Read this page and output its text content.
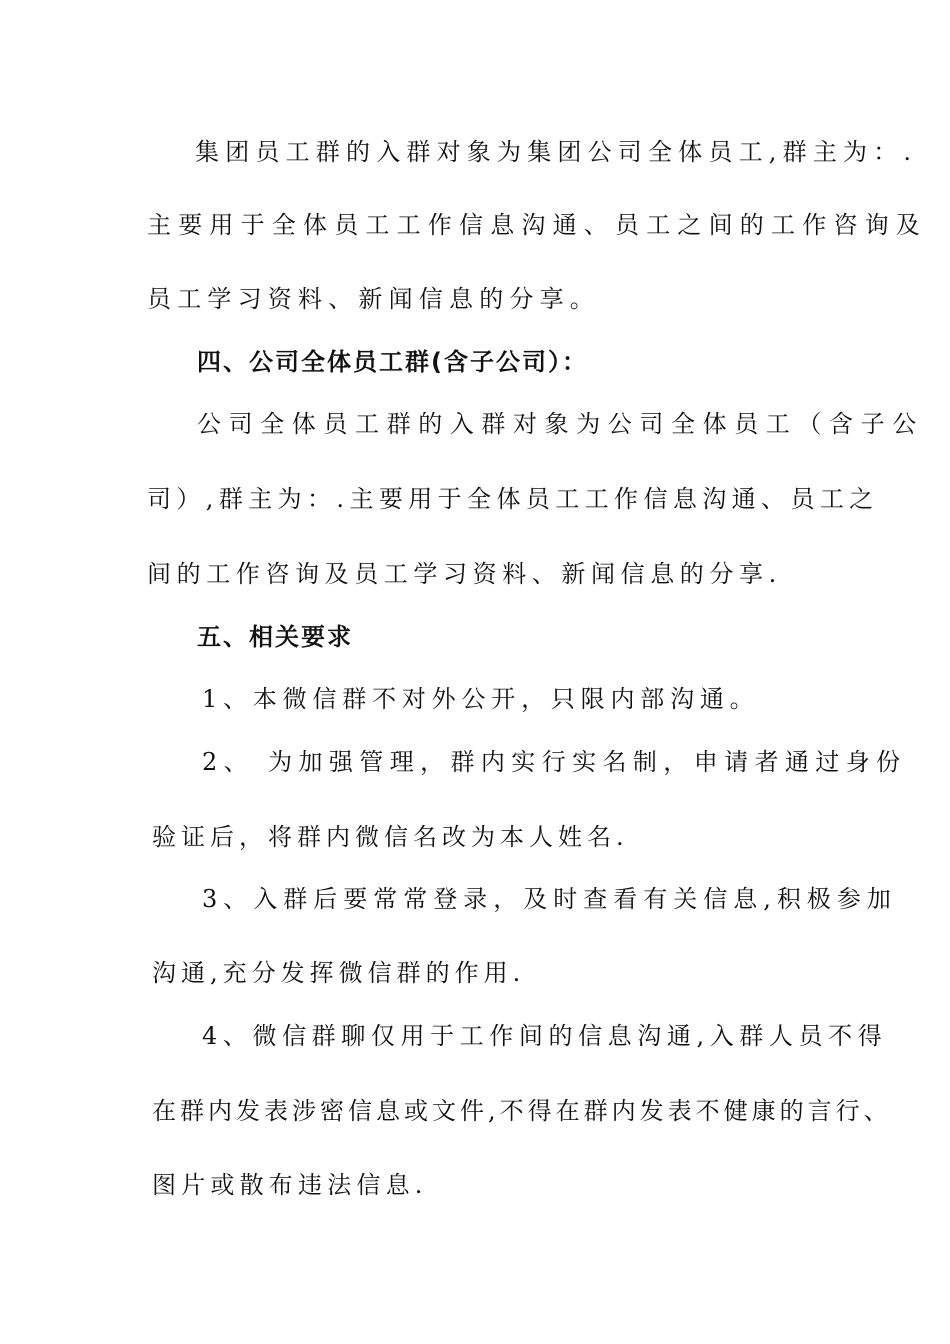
集团员工群的入群对象为集团公司全体员工,群主为：.
主要用于全体员工工作信息沟通、员工之间的工作咨询及
员工学习资料、新闻信息的分享。
四、公司全体员工群(含子公司）：
公司全体员工群的入群对象为公司全体员工（含子公
司）,群主为：.主要用于全体员工工作信息沟通、员工之
间的工作咨询及员工学习资料、新闻信息的分享.
五、相关要求
1、本微信群不对外公开，只限内部沟通。
2、 为加强管理，群内实行实名制，申请者通过身份
验证后，将群内微信名改为本人姓名.
3、入群后要常常登录，及时查看有关信息,积极参加
沟通,充分发挥微信群的作用.
4、微信群聊仅用于工作间的信息沟通,入群人员不得
在群内发表涉密信息或文件,不得在群内发表不健康的言行、
图片或散布违法信息.
